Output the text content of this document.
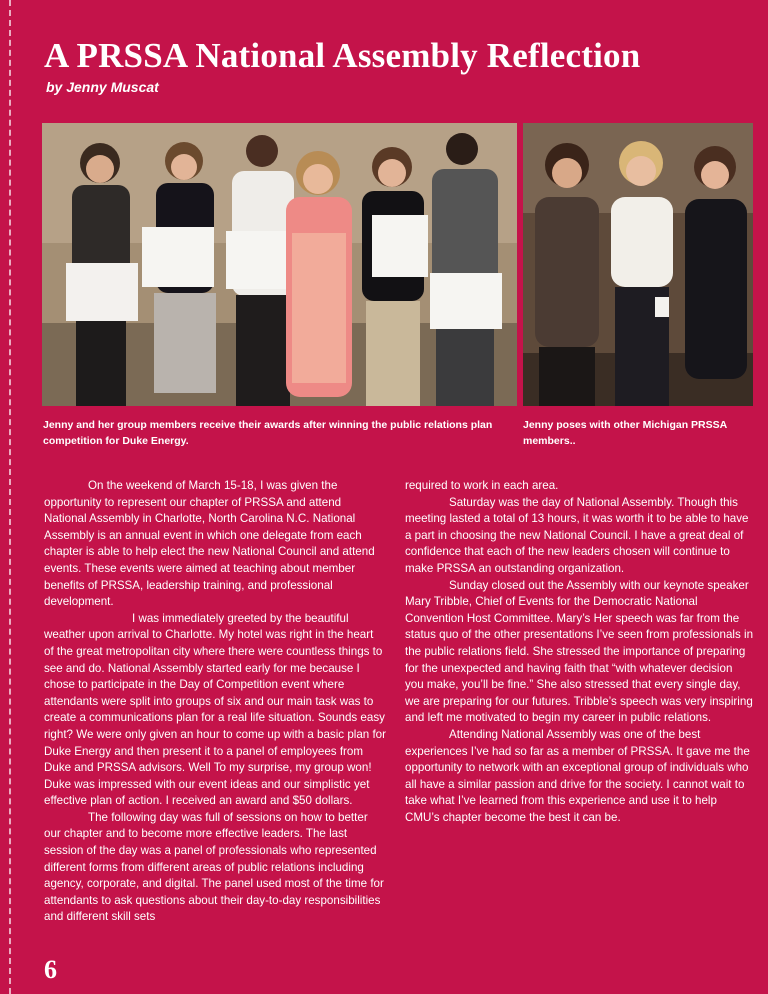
A PRSSA National Assembly Reflection
by Jenny Muscat

Jenny and her group members receive their awards after winning the public relations plan competition for Duke Energy.

Jenny poses with other Michigan PRSSA members..

On the weekend of March 15-18, I was given the opportunity to represent our chapter of PRSSA and attend National Assembly in Charlotte, North Carolina N.C. National Assembly is an annual event in which one delegate from each chapter is able to help elect the new National Council and attend events. These events were aimed at teaching about member benefits of PRSSA, leadership training, and professional development.

I was immediately greeted by the beautiful weather upon arrival to Charlotte. My hotel was right in the heart of the great metropolitan city where there were countless things to see and do. National Assembly started early for me because I chose to participate in the Day of Competition event where attendants were split into groups of six and our main task was to create a communications plan for a real life situation. Sounds easy right? We were only given an hour to come up with a basic plan for Duke Energy and then present it to a panel of employees from Duke and PRSSA advisors. Well To my surprise, my group won! Duke was impressed with our event ideas and our simplistic yet effective plan of action. I received an award and $50 dollars.

The following day was full of sessions on how to better our chapter and to become more effective leaders. The last session of the day was a panel of professionals who represented different forms from different areas of public relations including agency, corporate, and digital. The panel used most of the time for attendants to ask questions about their day-to-day responsibilities and different skill sets

required to work in each area.

Saturday was the day of National Assembly. Though this meeting lasted a total of 13 hours, it was worth it to be able to have a part in choosing the new National Council. I have a great deal of confidence that each of the new leaders chosen will continue to make PRSSA an outstanding organization.

Sunday closed out the Assembly with our keynote speaker Mary Tribble, Chief of Events for the Democratic National Convention Host Committee. Mary’s Her speech was far from the status quo of the other presentations I’ve seen from professionals in the public relations field. She stressed the importance of preparing for the unexpected and having faith that “with whatever decision you make, you’ll be fine.” She also stressed that every single day, we are preparing for our futures. Tribble’s speech was very inspiring and left me motivated to begin my career in public relations.

Attending National Assembly was one of the best experiences I’ve had so far as a member of PRSSA. It gave me the opportunity to network with an exceptional group of individuals who all have a similar passion and drive for the society. I cannot wait to take what I’ve learned from this experience and use it to help CMU’s chapter become the best it can be.

6
